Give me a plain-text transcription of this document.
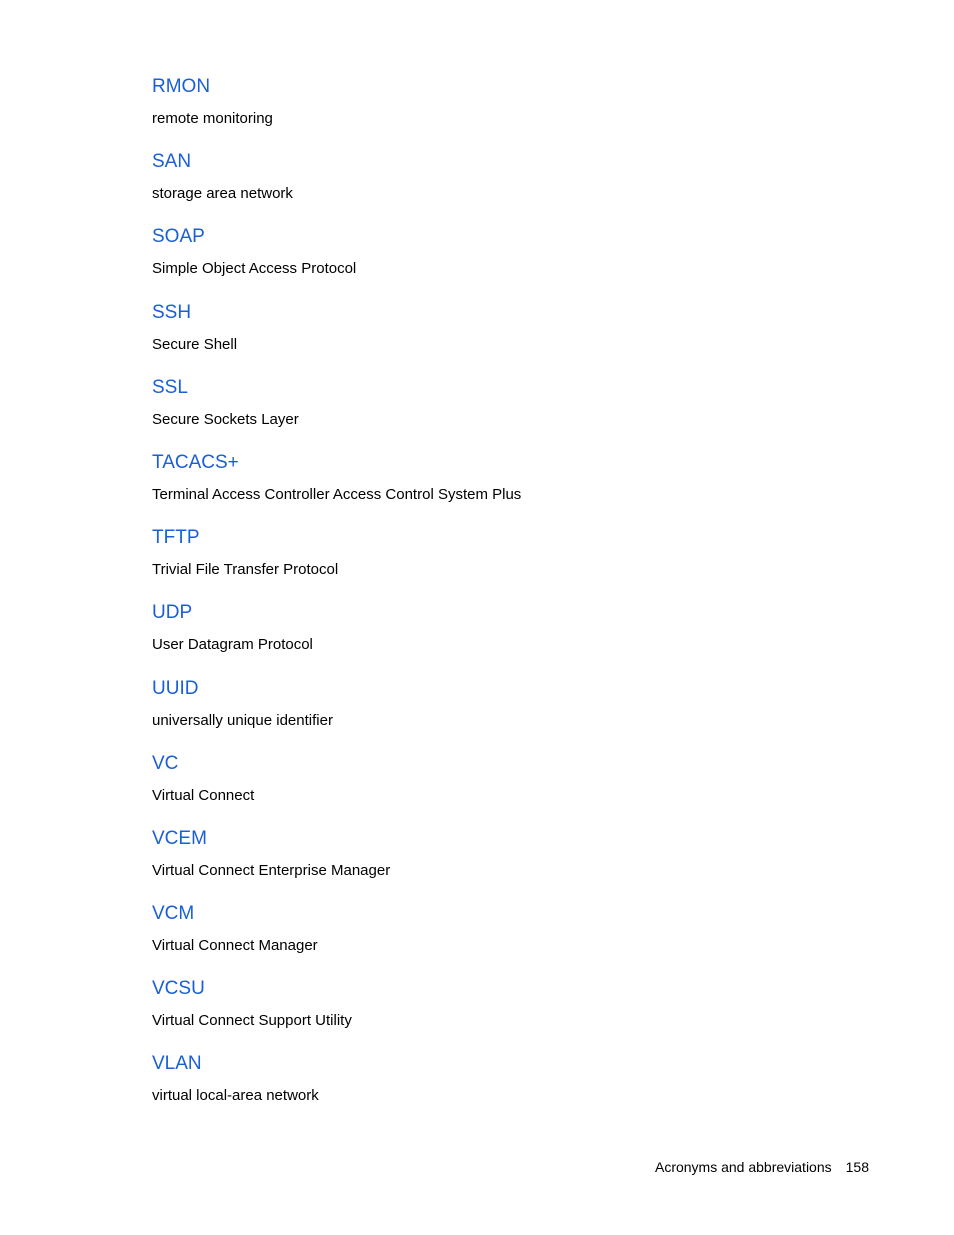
RMON
remote monitoring
SAN
storage area network
SOAP
Simple Object Access Protocol
SSH
Secure Shell
SSL
Secure Sockets Layer
TACACS+
Terminal Access Controller Access Control System Plus
TFTP
Trivial File Transfer Protocol
UDP
User Datagram Protocol
UUID
universally unique identifier
VC
Virtual Connect
VCEM
Virtual Connect Enterprise Manager
VCM
Virtual Connect Manager
VCSU
Virtual Connect Support Utility
VLAN
virtual local-area network
Acronyms and abbreviations 158
